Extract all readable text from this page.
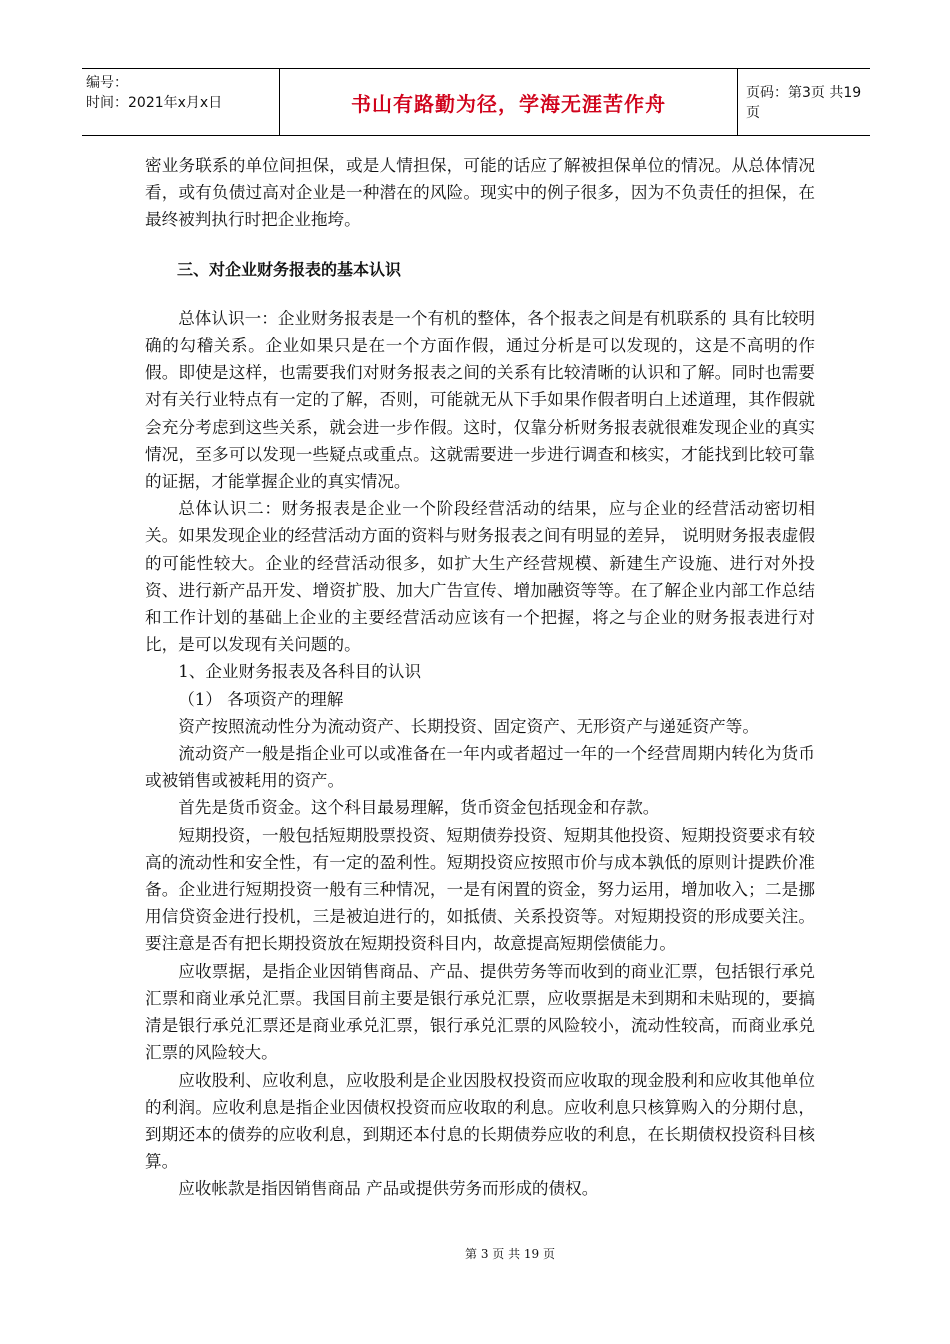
编号：
时间：2021年x月x日	书山有路勤为径，学海无涯苦作舟	页码：第3页 共19页

密业务联系的单位间担保，或是人情担保，可能的话应了解被担保单位的情况。从总体情况看，或有负债过高对企业是一种潜在的风险。现实中的例子很多，因为不负责任的担保，在最终被判执行时把企业拖垮。

三、对企业财务报表的基本认识

总体认识一：企业财务报表是一个有机的整体，各个报表之间是有机联系的 具有比较明确的勾稽关系。企业如果只是在一个方面作假，通过分析是可以发现的，这是不高明的作假。即使是这样，也需要我们对财务报表之间的关系有比较清晰的认识和了解。同时也需要对有关行业特点有一定的了解，否则，可能就无从下手如果作假者明白上述道理，其作假就会充分考虑到这些关系，就会进一步作假。这时，仅靠分析财务报表就很难发现企业的真实情况，至多可以发现一些疑点或重点。这就需要进一步进行调查和核实，才能找到比较可靠的证据，才能掌握企业的真实情况。

总体认识二：财务报表是企业一个阶段经营活动的结果，应与企业的经营活动密切相关。如果发现企业的经营活动方面的资料与财务报表之间有明显的差异， 说明财务报表虚假的可能性较大。企业的经营活动很多，如扩大生产经营规模、新建生产设施、进行对外投资、进行新产品开发、增资扩股、加大广告宣传、增加融资等等。在了解企业内部工作总结和工作计划的基础上企业的主要经营活动应该有一个把握，将之与企业的财务报表进行对比，是可以发现有关问题的。

1、企业财务报表及各科目的认识

（1） 各项资产的理解

资产按照流动性分为流动资产、长期投资、固定资产、无形资产与递延资产等。

流动资产一般是指企业可以或准备在一年内或者超过一年的一个经营周期内转化为货币或被销售或被耗用的资产。

首先是货币资金。这个科目最易理解，货币资金包括现金和存款。

短期投资，一般包括短期股票投资、短期债券投资、短期其他投资、短期投资要求有较高的流动性和安全性，有一定的盈利性。短期投资应按照市价与成本孰低的原则计提跌价准备。企业进行短期投资一般有三种情况，一是有闲置的资金，努力运用，增加收入；二是挪用信贷资金进行投机，三是被迫进行的，如抵债、关系投资等。对短期投资的形成要关注。要注意是否有把长期投资放在短期投资科目内，故意提高短期偿债能力。

应收票据，是指企业因销售商品、产品、提供劳务等而收到的商业汇票，包括银行承兑汇票和商业承兑汇票。我国目前主要是银行承兑汇票，应收票据是未到期和未贴现的，要搞清是银行承兑汇票还是商业承兑汇票，银行承兑汇票的风险较小，流动性较高，而商业承兑汇票的风险较大。

应收股利、应收利息，应收股利是企业因股权投资而应收取的现金股利和应收其他单位的利润。应收利息是指企业因债权投资而应收取的利息。应收利息只核算购入的分期付息，到期还本的债券的应收利息，到期还本付息的长期债券应收的利息，在长期债权投资科目核算。

应收帐款是指因销售商品 产品或提供劳务而形成的债权。

第 3 页 共 19 页
